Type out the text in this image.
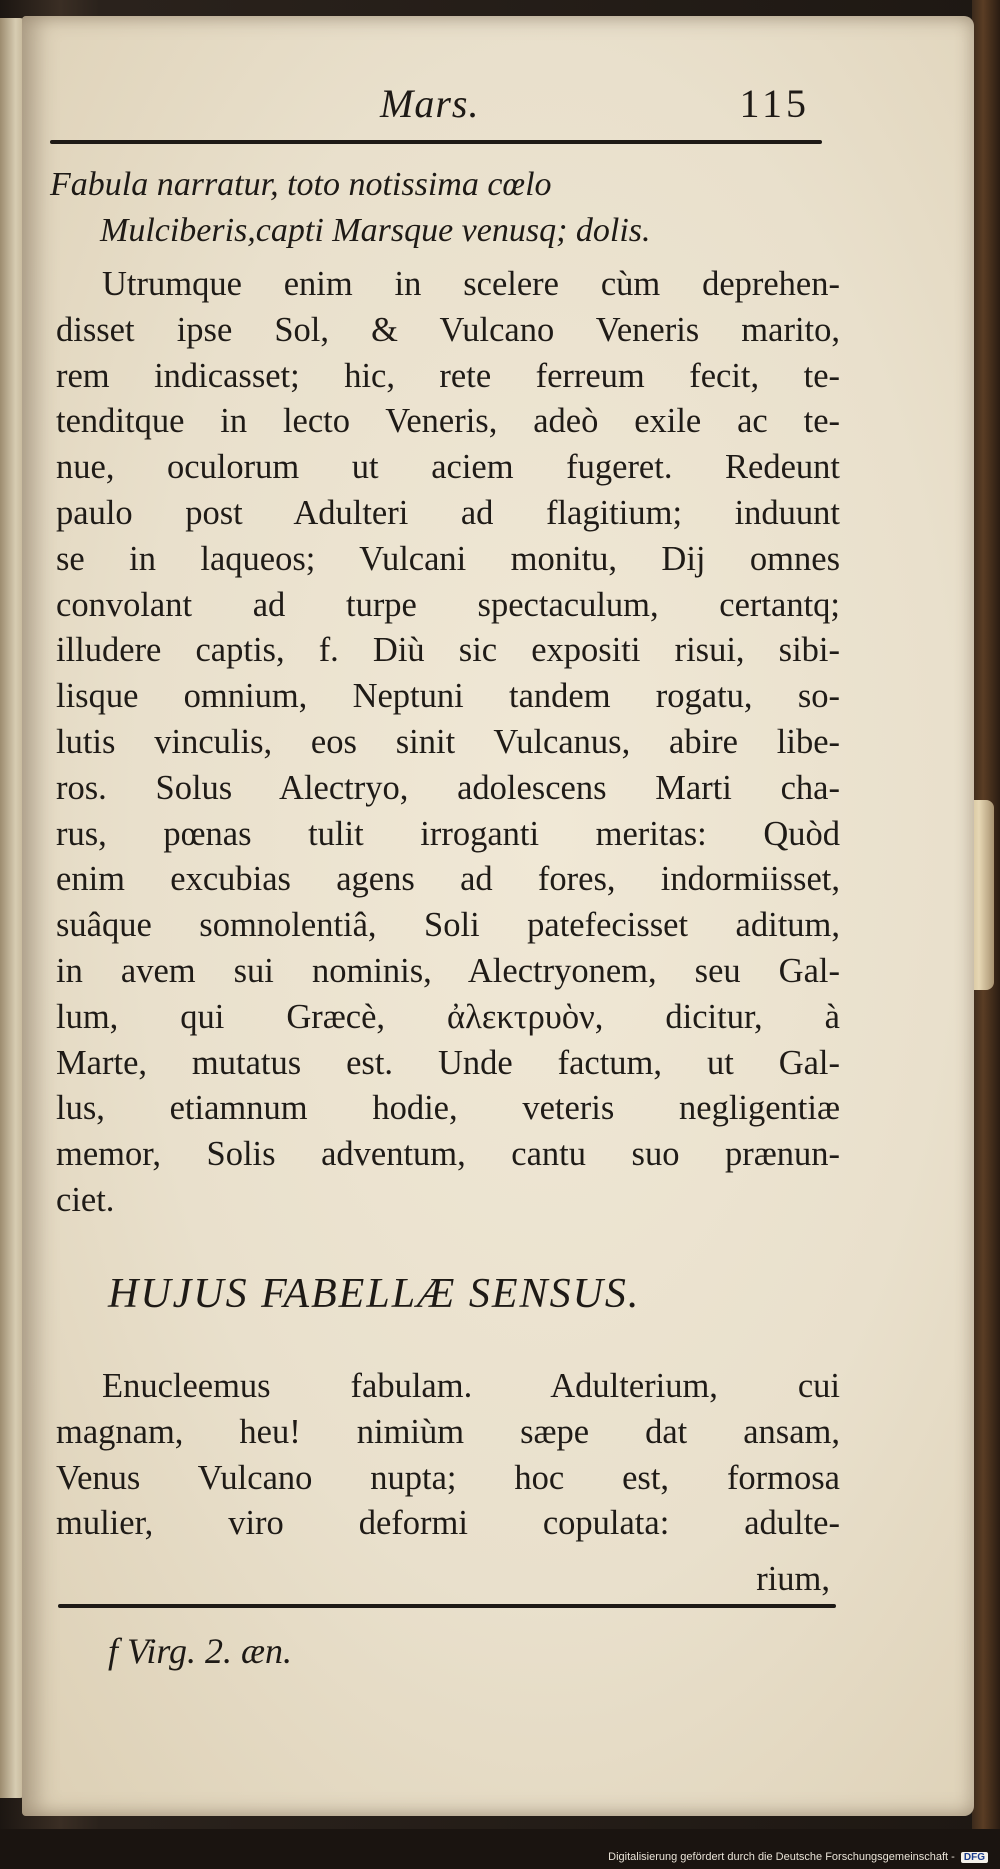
Mars.	115
Fabula narratur, toto notissima cœlo
Mulciberis,capti Marsque venusq; dolis.
Utrumque enim in scelere cùm deprehen-
disset ipse Sol, & Vulcano Veneris marito,
rem indicasset; hic, rete ferreum fecit, te-
tenditque in lecto Veneris, adeò exile ac te-
nue, oculorum ut aciem fugeret. Redeunt
paulo post Adulteri ad flagitium; induunt
se in laqueos; Vulcani monitu, Dij omnes
convolant ad turpe spectaculum, certantq;
illudere captis, f. Diù sic expositi risui, sibi-
lisque omnium, Neptuni tandem rogatu, so-
lutis vinculis, eos sinit Vulcanus, abire libe-
ros. Solus Alectryo, adolescens Marti cha-
rus, pœnas tulit irroganti meritas: Quòd
enim excubias agens ad fores, indormiisset,
suâque somnolentiâ, Soli patefecisset aditum,
in avem sui nominis, Alectryonem, seu Gal-
lum, qui Græcè, ἀλεκτρυὸν, dicitur, à
Marte, mutatus est. Unde factum, ut Gal-
lus, etiamnum hodie, veteris negligentiæ
memor, Solis adventum, cantu suo prænun-
ciet.
HUJUS FABELLÆ SENSUS.
Enucleemus fabulam. Adulterium, cui
magnam, heu! nimiùm sæpe dat ansam,
Venus Vulcano nupta; hoc est, formosa
mulier, viro deformi copulata: adulte-
rium,
f Virg. 2. æn.
Digitalisierung gefördert durch die Deutsche Forschungsgemeinschaft - DFG
